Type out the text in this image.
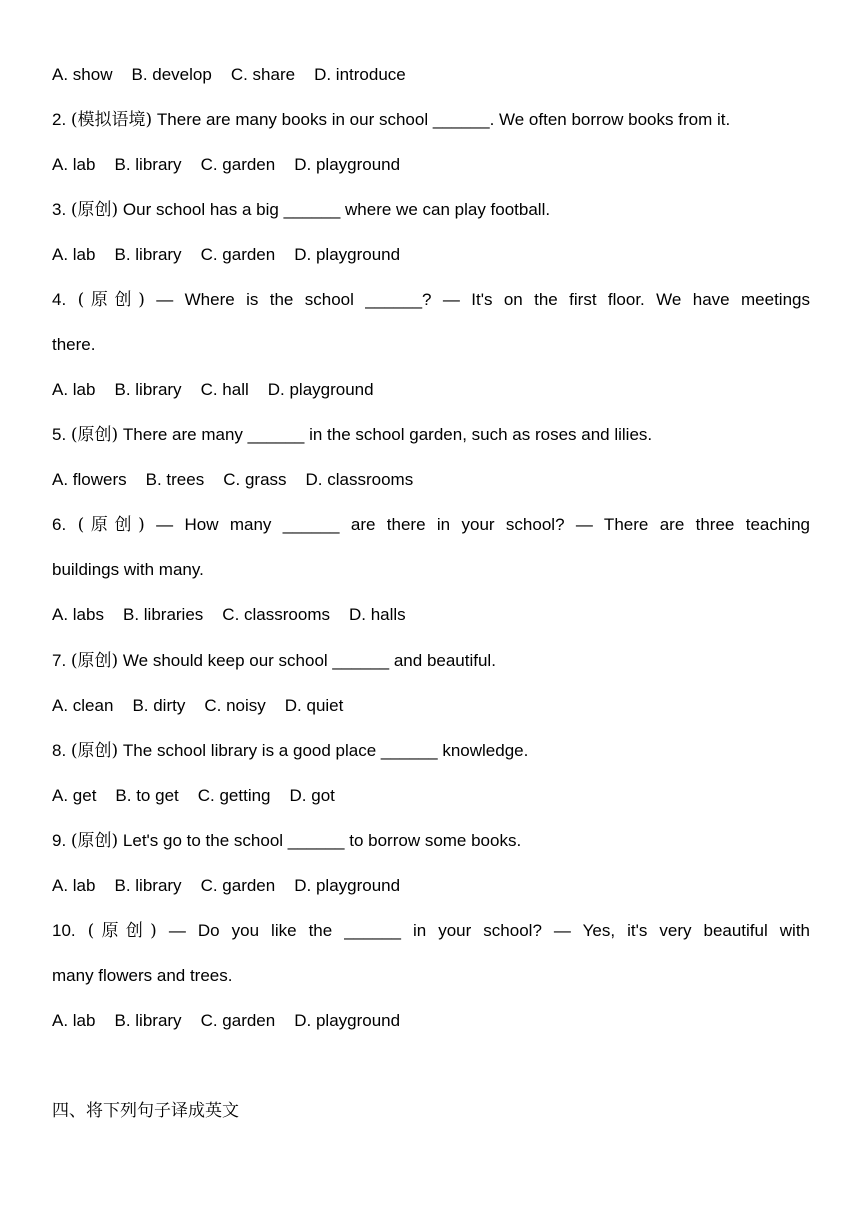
A. show B. develop C. share D. introduce
2. (模拟语境) There are many books in our school ______. We often borrow books from it.
A. lab B. library C. garden D. playground
3. (原创) Our school has a big ______ where we can play football.
A. lab B. library C. garden D. playground
4. (原创) — Where is the school ______? — It's on the first floor. We have meetings
there.
A. lab B. library C. hall D. playground
5. (原创) There are many ______ in the school garden, such as roses and lilies.
A. flowers B. trees C. grass D. classrooms
6. (原创) — How many ______ are there in your school? — There are three teaching
buildings with many.
A. labs B. libraries C. classrooms D. halls
7. (原创) We should keep our school ______ and beautiful.
A. clean B. dirty C. noisy D. quiet
8. (原创) The school library is a good place ______ knowledge.
A. get B. to get C. getting D. got
9. (原创) Let's go to the school ______ to borrow some books.
A. lab B. library C. garden D. playground
10. (原创) — Do you like the ______ in your school? — Yes, it's very beautiful with
many flowers and trees.
A. lab B. library C. garden D. playground
四、将下列句子译成英文
